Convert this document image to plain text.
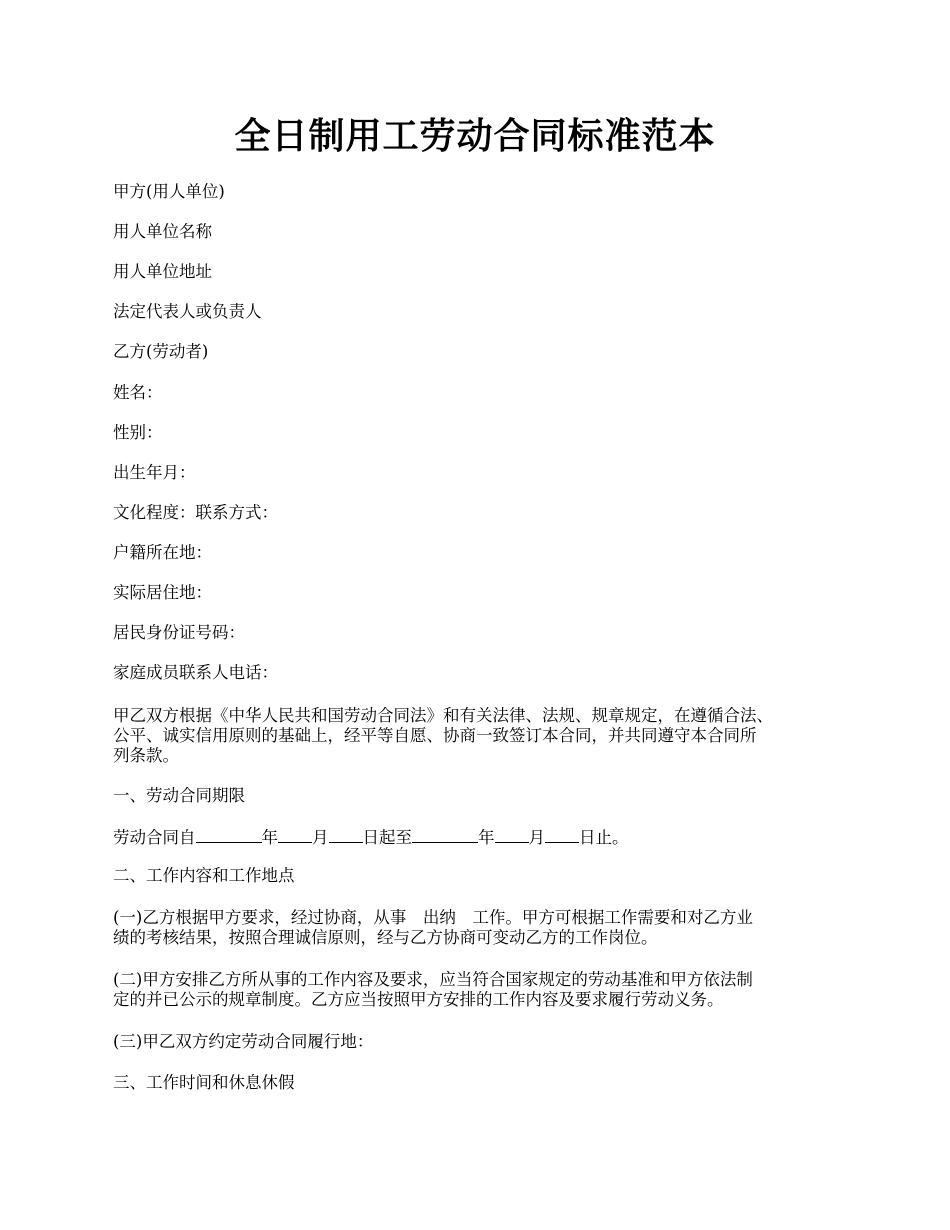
全日制用工劳动合同标准范本
甲方(用人单位)
用人单位名称
用人单位地址
法定代表人或负责人
乙方(劳动者)
姓名：
性别：
出生年月：
文化程度：联系方式：
户籍所在地：
实际居住地：
居民身份证号码：
家庭成员联系人电话：
甲乙双方根据《中华人民共和国劳动合同法》和有关法律、法规、规章规定，在遵循合法、
公平、诚实信用原则的基础上，经平等自愿、协商一致签订本合同，并共同遵守本合同所
列条款。
一、劳动合同期限
劳动合同自	年 月 日起至	年 月 日止。
二、工作内容和工作地点
(一)乙方根据甲方要求，经过协商，从事　出纳　工作。甲方可根据工作需要和对乙方业
绩的考核结果，按照合理诚信原则，经与乙方协商可变动乙方的工作岗位。
(二)甲方安排乙方所从事的工作内容及要求，应当符合国家规定的劳动基准和甲方依法制
定的并已公示的规章制度。乙方应当按照甲方安排的工作内容及要求履行劳动义务。
(三)甲乙双方约定劳动合同履行地：
三、工作时间和休息休假
